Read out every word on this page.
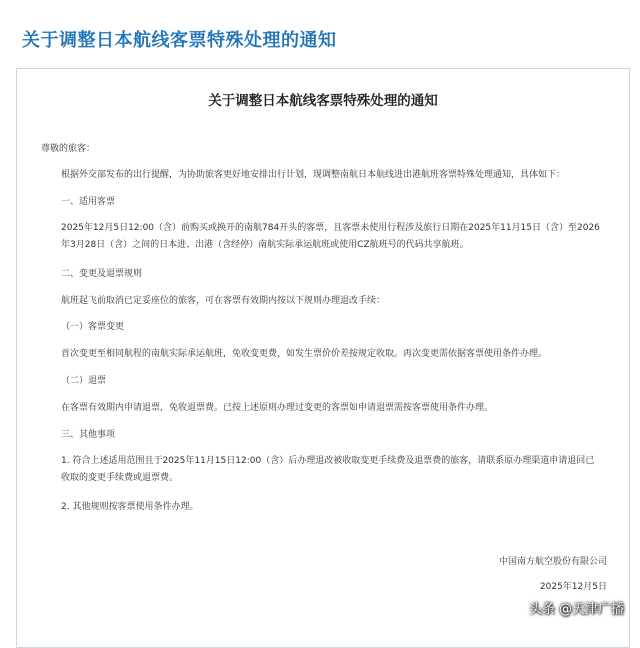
关于调整日本航线客票特殊处理的通知
关于调整日本航线客票特殊处理的通知
尊敬的旅客：
根据外交部发布的出行提醒，为协助旅客更好地安排出行计划，现调整南航日本航线进出港航班客票特殊处理通知，具体如下：
一、适用客票
2025年12月5日12:00（含）前购买或换开的南航784开头的客票，且客票未使用行程涉及旅行日期在2025年11月15日（含）至2026年3月28日（含）之间的日本进、出港（含经停）南航实际承运航班或使用CZ航班号的代码共享航班。
二、变更及退票规则
航班起飞前取消已定妥座位的旅客，可在客票有效期内按以下规则办理退改手续：
（一）客票变更
首次变更至相同航程的南航实际承运航班，免收变更费，如发生票价价差按规定收取。再次变更需依据客票使用条件办理。
（二）退票
在客票有效期内申请退票，免收退票费。已按上述原则办理过变更的客票如申请退票需按客票使用条件办理。
三、其他事项
1. 符合上述适用范围且于2025年11月15日12:00（含）后办理退改被收取变更手续费及退票费的旅客，请联系原办理渠道申请退回已收取的变更手续费或退票费。
2. 其他规则按客票使用条件办理。
中国南方航空股份有限公司
2025年12月5日
头条 @天津广播
